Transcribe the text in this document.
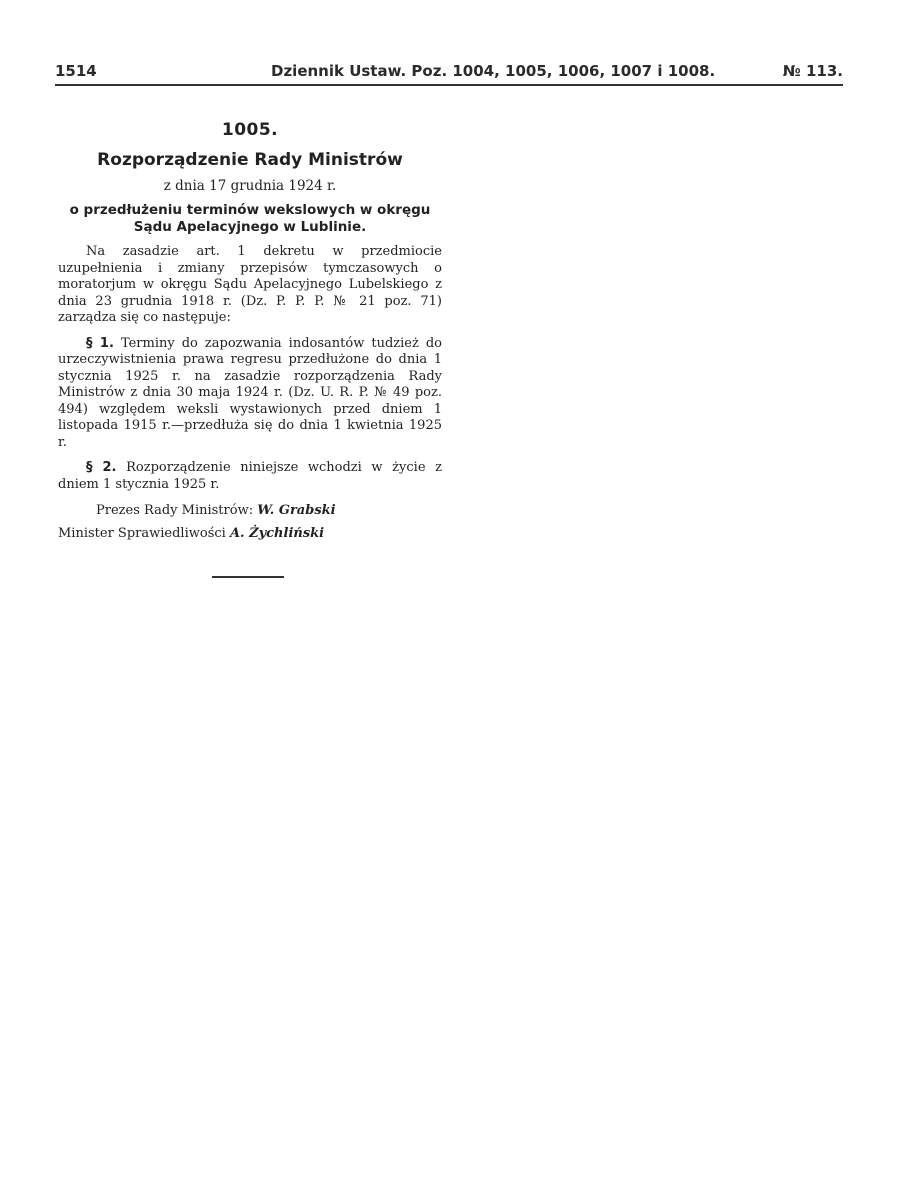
1514	Dziennik Ustaw. Poz. 1004, 1005, 1006, 1007 i 1008.	№ 113.
1005.
Rozporządzenie Rady Ministrów
z dnia 17 grudnia 1924 r.
o przedłużeniu terminów wekslowych w okręgu Sądu Apelacyjnego w Lublinie.

Na zasadzie art. 1 dekretu w przedmiocie uzupełnienia i zmiany przepisów tymczasowych o moratorjum w okręgu Sądu Apelacyjnego Lubelskiego z dnia 23 grudnia 1918 r. (Dz. P. P. P. № 21 poz. 71) zarządza się co następuje:

§ 1. Terminy do zapozwania indosantów tudzież do urzeczywistnienia prawa regresu przedłużone do dnia 1 stycznia 1925 r. na zasadzie rozporządzenia Rady Ministrów z dnia 30 maja 1924 r. (Dz. U. R. P. № 49 poz. 494) względem weksli wystawionych przed dniem 1 listopada 1915 r.—przedłuża się do dnia 1 kwietnia 1925 r.

§ 2. Rozporządzenie niniejsze wchodzi w życie z dniem 1 stycznia 1925 r.

Prezes Rady Ministrów: W. Grabski
Minister Sprawiedliwości A. Żychliński
